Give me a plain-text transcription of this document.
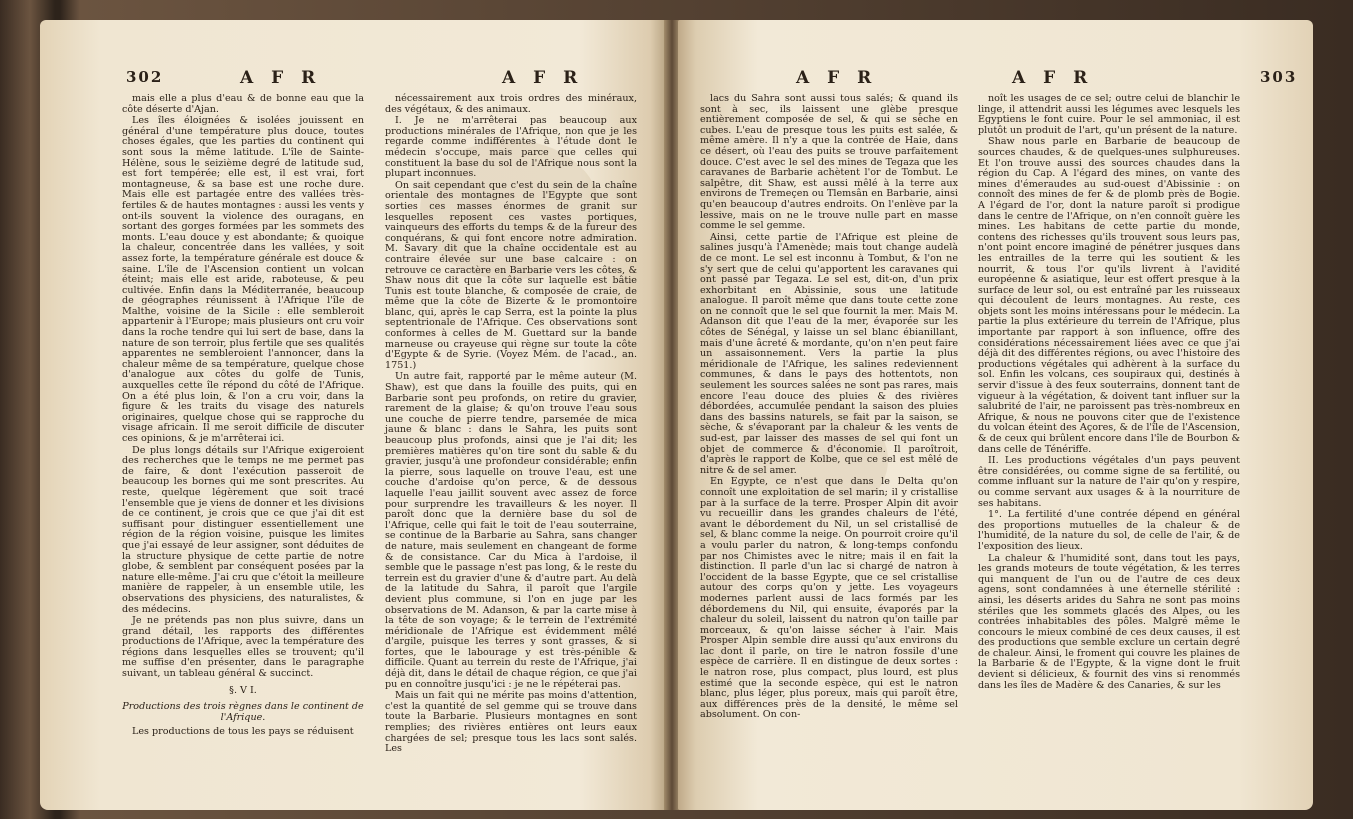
302	A F R	A F R

mais elle a plus d'eau & de bonne eau que la côte déserte d'Ajan.

Les îles éloignées & isolées jouissent en général d'une température plus douce, toutes choses égales, que les parties du continent qui sont sous la même latitude. L'île de Sainte-Hélène, sous le seizième degré de latitude sud, est fort tempérée; elle est, il est vrai, fort montagneuse, & sa base est une roche dure. Mais elle est partagée entre des vallées très-fertiles & de hautes montagnes : aussi les vents y ont-ils souvent la violence des ouragans, en sortant des gorges formées par les sommets des monts. L'eau douce y est abondante; & quoique la chaleur, concentrée dans les vallées, y soit assez forte, la température générale est douce & saine. L'île de l'Ascension contient un volcan éteint; mais elle est aride, raboteuse, & peu cultivée. Enfin dans la Méditerranée, beaucoup de géographes réunissent à l'Afrique l'île de Malthe, voisine de la Sicile : elle sembleroit appartenir à l'Europe; mais plusieurs ont cru voir dans la roche tendre qui lui sert de base, dans la nature de son terroir, plus fertile que ses qualités apparentes ne sembleroient l'annoncer, dans la chaleur même de sa température, quelque chose d'analogue aux côtes du golfe de Tunis, auxquelles cette île répond du côté de l'Afrique. On a été plus loin, & l'on a cru voir, dans la figure & les traits du visage des naturels originaires, quelque chose qui se rapproche du visage africain. Il me seroit difficile de discuter ces opinions, & je m'arrêterai ici.

De plus longs détails sur l'Afrique exigeroient des recherches que le temps ne me permet pas de faire, & dont l'exécution passeroit de beaucoup les bornes qui me sont prescrites. Au reste, quelque légèrement que soit tracé l'ensemble que je viens de donner et les divisions de ce continent, je crois que ce que j'ai dit est suffisant pour distinguer essentiellement une région de la région voisine, puisque les limites que j'ai essayé de leur assigner, sont déduites de la structure physique de cette partie de notre globe, & semblent par conséquent posées par la nature elle-même. J'ai cru que c'étoit la meilleure manière de rappeler, à un ensemble utile, les observations des physiciens, des naturalistes, & des médecins.

Je ne prétends pas non plus suivre, dans un grand détail, les rapports des différentes productions de l'Afrique, avec la température des régions dans lesquelles elles se trouvent; qu'il me suffise d'en présenter, dans le paragraphe suivant, un tableau général & succinct.

§. V I.

Productions des trois règnes dans le continent de l'Afrique.

Les productions de tous les pays se réduisent

nécessairement aux trois ordres des minéraux, des végétaux, & des animaux.

I. Je ne m'arrêterai pas beaucoup aux productions minérales de l'Afrique, non que je les regarde comme indifférentes à l'étude dont le médecin s'occupe, mais parce que celles qui constituent la base du sol de l'Afrique nous sont la plupart inconnues.

On sait cependant que c'est du sein de la chaîne orientale des montagnes de l'Egypte que sont sorties ces masses énormes de granit sur lesquelles reposent ces vastes portiques, vainqueurs des efforts du temps & de la fureur des conquérans, & qui font encore notre admiration. M. Savary dit que la chaîne occidentale est au contraire élevée sur une base calcaire : on retrouve ce caractère en Barbarie vers les côtes, & Shaw nous dit que la côte sur laquelle est bâtie Tunis est toute blanche, & composée de craie, de même que la côte de Bizerte & le promontoire blanc, qui, après le cap Serra, est la pointe la plus septentrionale de l'Afrique. Ces observations sont conformes à celles de M. Guettard sur la bande marneuse ou crayeuse qui règne sur toute la côte d'Egypte & de Syrie. (Voyez Mém. de l'acad., an. 1751.)

Un autre fait, rapporté par le même auteur (M. Shaw), est que dans la fouille des puits, qui en Barbarie sont peu profonds, on retire du gravier, rarement de la glaise; & qu'on trouve l'eau sous une couche de pierre tendre, parsemée de mica jaune & blanc : dans le Sahra, les puits sont beaucoup plus profonds, ainsi que je l'ai dit; les premières matières qu'on tire sont du sable & du gravier, jusqu'à une profondeur considérable; enfin la pierre, sous laquelle on trouve l'eau, est une couche d'ardoise qu'on perce, & de dessous laquelle l'eau jaillit souvent avec assez de force pour surprendre les travailleurs & les noyer. Il paroît donc que la dernière base du sol de l'Afrique, celle qui fait le toit de l'eau souterraine, se continue de la Barbarie au Sahra, sans changer de nature, mais seulement en changeant de forme & de consistance. Car du Mica à l'ardoise, il semble que le passage n'est pas long, & le reste du terrein est du gravier d'une & d'autre part. Au delà de la latitude du Sahra, il paroît que l'argile devient plus commune, si l'on en juge par les observations de M. Adanson, & par la carte mise à la tête de son voyage; & le terrein de l'extrémité méridionale de l'Afrique est évidemment mêlé d'argile, puisque les terres y sont grasses, & si fortes, que le labourage y est très-pénible & difficile. Quant au terrein du reste de l'Afrique, j'ai déjà dit, dans le détail de chaque région, ce que j'ai pu en connoître jusqu'ici : je ne le répéterai pas.

Mais un fait qui ne mérite pas moins d'attention, c'est la quantité de sel gemme qui se trouve dans toute la Barbarie. Plusieurs montagnes en sont remplies; des rivières entières ont leurs eaux chargées de sel; presque tous les lacs sont salés. Les

A F R	A F R	303

lacs du Sahra sont aussi tous salés; & quand ils sont à sec, ils laissent une glèbe presque entièrement composée de sel, & qui se sèche en cubes. L'eau de presque tous les puits est salée, & même amère. Il n'y a que la contrée de Haie, dans ce désert, où l'eau des puits se trouve parfaitement douce. C'est avec le sel des mines de Tegaza que les caravanes de Barbarie achètent l'or de Tombut. Le salpêtre, dit Shaw, est aussi mêlé à la terre aux environs de Tremeçen ou Tlemsân en Barbarie, ainsi qu'en beaucoup d'autres endroits. On l'enlève par la lessive, mais on ne le trouve nulle part en masse comme le sel gemme.

Ainsi, cette partie de l'Afrique est pleine de salines jusqu'à l'Amenède; mais tout change audelà de ce mont. Le sel est inconnu à Tombut, & l'on ne s'y sert que de celui qu'apportent les caravanes qui ont passé par Tegaza. Le sel est, dit-on, d'un prix exhorbitant en Abissinie, sous une latitude analogue. Il paroît même que dans toute cette zone on ne connoît que le sel que fournit la mer. Mais M. Adanson dit que l'eau de la mer, évaporée sur les côtes de Sénégal, y laisse un sel blanc ébianillant, mais d'une âcreté & mordante, qu'on n'en peut faire un assaisonnement. Vers la partie la plus méridionale de l'Afrique, les salines redeviennent communes, & dans le pays des hottentots, non seulement les sources salées ne sont pas rares, mais encore l'eau douce des pluies & des rivières débordées, accumulée pendant la saison des pluies dans des bassins naturels, se fait par la saison, se sèche, & s'évaporant par la chaleur & les vents de sud-est, par laisser des masses de sel qui font un objet de commerce & d'économie. Il paroîtroit, d'après le rapport de Kolbe, que ce sel est mêlé de nitre & de sel amer.

En Egypte, ce n'est que dans le Delta qu'on connoît une exploitation de sel marin; il y cristallise par à la surface de la terre. Prosper Alpin dit avoir vu recueillir dans les grandes chaleurs de l'été, avant le débordement du Nil, un sel cristallisé de sel, & blanc comme la neige. On pourroit croire qu'il a voulu parler du natron, & long-temps confondu par nos Chimistes avec le nitre; mais il en fait la distinction. Il parle d'un lac si chargé de natron à l'occident de la basse Egypte, que ce sel cristallise autour des corps qu'on y jette. Les voyageurs modernes parlent aussi de lacs formés par les débordemens du Nil, qui ensuite, évaporés par la chaleur du soleil, laissent du natron qu'on taille par morceaux, & qu'on laisse sécher à l'air. Mais Prosper Alpin semble dire aussi qu'aux environs du lac dont il parle, on tire le natron fossile d'une espèce de carrière. Il en distingue de deux sortes : le natron rose, plus compact, plus lourd, est plus estimé que la seconde espèce, qui est le natron blanc, plus léger, plus poreux, mais qui paroît être, aux différences près de la densité, le même sel absolument. On con-

noît les usages de ce sel; outre celui de blanchir le linge, il attendrit aussi les légumes avec lesquels les Egyptiens le font cuire. Pour le sel ammoniac, il est plutôt un produit de l'art, qu'un présent de la nature.

Shaw nous parle en Barbarie de beaucoup de sources chaudes, & de quelques-unes sulphureuses. Et l'on trouve aussi des sources chaudes dans la région du Cap. A l'égard des mines, on vante des mines d'émeraudes au sud-ouest d'Abissinie : on connoît des mines de fer & de plomb près de Bogie. A l'égard de l'or, dont la nature paroît si prodigue dans le centre de l'Afrique, on n'en connoît guère les mines. Les habitans de cette partie du monde, contens des richesses qu'ils trouvent sous leurs pas, n'ont point encore imaginé de pénétrer jusques dans les entrailles de la terre qui les soutient & les nourrit, & tous l'or qu'ils livrent à l'avidité européenne & asiatique, leur est offert presque à la surface de leur sol, ou est entraîné par les ruisseaux qui découlent de leurs montagnes. Au reste, ces objets sont les moins intéressans pour le médecin. La partie la plus extérieure du terrein de l'Afrique, plus importante par rapport à son influence, offre des considérations nécessairement liées avec ce que j'ai déjà dit des différentes régions, ou avec l'histoire des productions végétales qui adhèrent à la surface du sol. Enfin les volcans, ces soupiraux qui, destinés à servir d'issue à des feux souterrains, donnent tant de vigueur à la végétation, & doivent tant influer sur la salubrité de l'air, ne paroissent pas très-nombreux en Afrique, & nous ne pouvons citer que de l'existence du volcan éteint des Açores, & de l'île de l'Ascension, & de ceux qui brûlent encore dans l'île de Bourbon & dans celle de Ténériffe.

II. Les productions végétales d'un pays peuvent être considérées, ou comme signe de sa fertilité, ou comme influant sur la nature de l'air qu'on y respire, ou comme servant aux usages & à la nourriture de ses habitans.

1°. La fertilité d'une contrée dépend en général des proportions mutuelles de la chaleur & de l'humidité, de la nature du sol, de celle de l'air, & de l'exposition des lieux.

La chaleur & l'humidité sont, dans tout les pays, les grands moteurs de toute végétation, & les terres qui manquent de l'un ou de l'autre de ces deux agens, sont condamnées à une éternelle stérilité : ainsi, les déserts arides du Sahra ne sont pas moins stériles que les sommets glacés des Alpes, ou les contrées inhabitables des pôles. Malgré même le concours le mieux combiné de ces deux causes, il est des productions que semble exclure un certain degré de chaleur. Ainsi, le froment qui couvre les plaines de la Barbarie & de l'Egypte, & la vigne dont le fruit devient si délicieux, & fournit des vins si renommés dans les îles de Madère & des Canaries, & sur les
